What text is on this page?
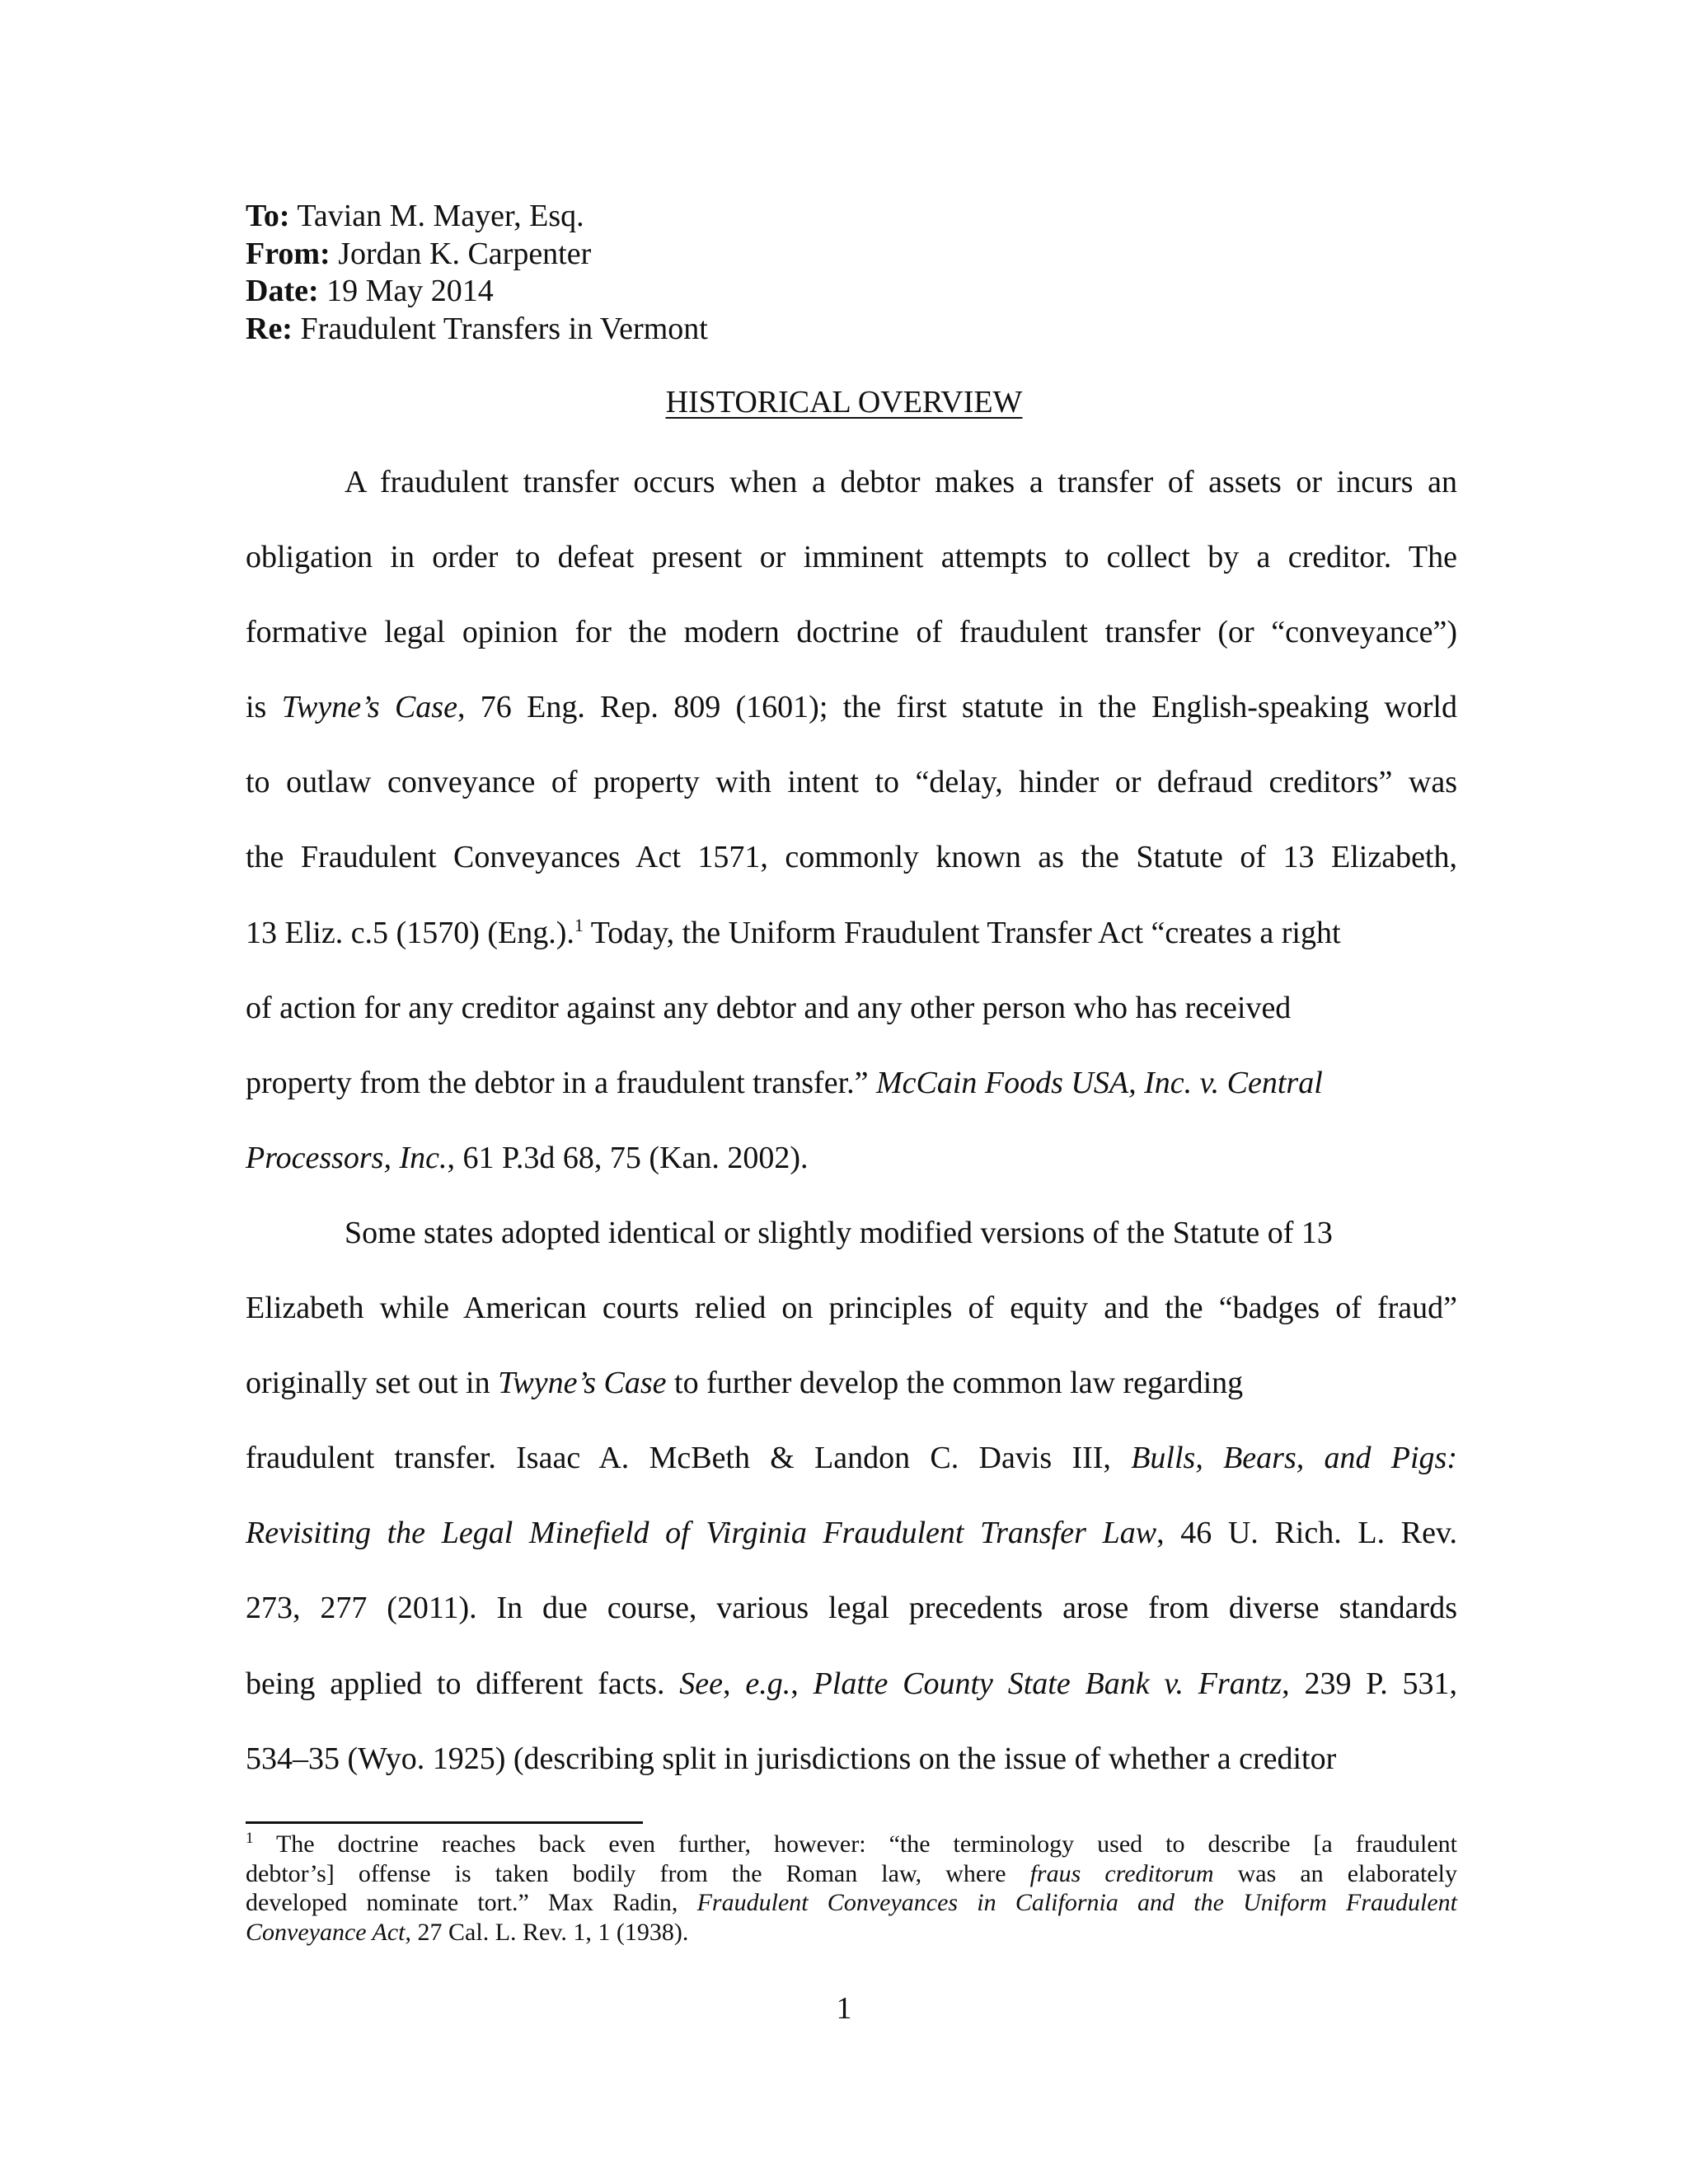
To: Tavian M. Mayer, Esq.
From: Jordan K. Carpenter
Date: 19 May 2014
Re: Fraudulent Transfers in Vermont
HISTORICAL OVERVIEW
A fraudulent transfer occurs when a debtor makes a transfer of assets or incurs an
obligation in order to defeat present or imminent attempts to collect by a creditor. The
formative legal opinion for the modern doctrine of fraudulent transfer (or “conveyance”)
is Twyne’s Case, 76 Eng. Rep. 809 (1601); the first statute in the English-speaking world
to outlaw conveyance of property with intent to “delay, hinder or defraud creditors” was
the Fraudulent Conveyances Act 1571, commonly known as the Statute of 13 Elizabeth,
13 Eliz. c.5 (1570) (Eng.).$^1$ Today, the Uniform Fraudulent Transfer Act “creates a right
of action for any creditor against any debtor and any other person who has received
property from the debtor in a fraudulent transfer.” McCain Foods USA, Inc. v. Central
Processors, Inc., 61 P.3d 68, 75 (Kan. 2002).
Some states adopted identical or slightly modified versions of the Statute of 13
Elizabeth while American courts relied on principles of equity and the “badges of fraud”
originally set out in Twyne’s Case to further develop the common law regarding
fraudulent transfer. Isaac A. McBeth & Landon C. Davis III, Bulls, Bears, and Pigs:
Revisiting the Legal Minefield of Virginia Fraudulent Transfer Law, 46 U. Rich. L. Rev.
273, 277 (2011). In due course, various legal precedents arose from diverse standards
being applied to different facts. See, e.g., Platte County State Bank v. Frantz, 239 P. 531,
534–35 (Wyo. 1925) (describing split in jurisdictions on the issue of whether a creditor
$^1$ The doctrine reaches back even further, however: “the terminology used to describe [a fraudulent
debtor’s] offense is taken bodily from the Roman law, where fraus creditorum was an elaborately
developed nominate tort.” Max Radin, Fraudulent Conveyances in California and the Uniform Fraudulent
Conveyance Act, 27 Cal. L. Rev. 1, 1 (1938).
1
